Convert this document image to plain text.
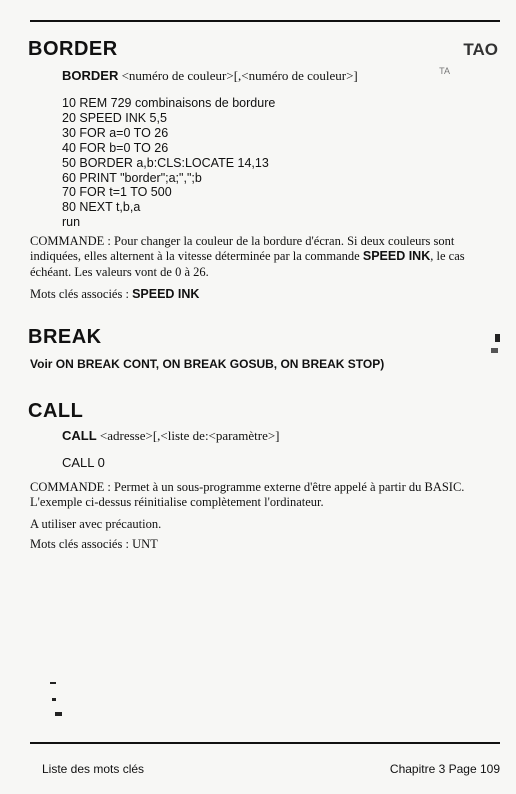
BORDER	TAO
TA
BORDER <numéro de couleur>[,<numéro de couleur>]
10 REM 729 combinaisons de bordure
20 SPEED INK 5,5
30 FOR a=0 TO 26
40 FOR b=0 TO 26
50 BORDER a,b:CLS:LOCATE 14,13
60 PRINT "border";a;",";b
70 FOR t=1 TO 500
80 NEXT t,b,a
run
COMMANDE : Pour changer la couleur de la bordure d'écran. Si deux couleurs sont indiquées, elles alternent à la vitesse déterminée par la commande SPEED INK, le cas échéant. Les valeurs vont de 0 à 26.
Mots clés associés : SPEED INK
BREAK
Voir ON BREAK CONT, ON BREAK GOSUB, ON BREAK STOP)
CALL
CALL <adresse>[,<liste de:<paramètre>]
CALL 0
COMMANDE : Permet à un sous-programme externe d'être appelé à partir du BASIC. L'exemple ci-dessus réinitialise complètement l'ordinateur.
A utiliser avec précaution.
Mots clés associés : UNT
Liste des mots clés	Chapitre 3 Page 109
